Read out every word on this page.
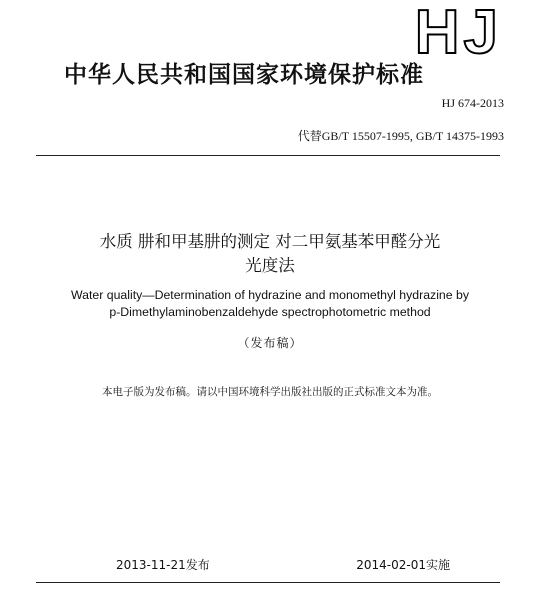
HJ
中华人民共和国国家环境保护标准
HJ 674-2013
代替GB/T 15507-1995, GB/T 14375-1993
水质 肼和甲基肼的测定 对二甲氨基苯甲醛分光
光度法
Water quality—Determination of hydrazine and monomethyl hydrazine by
p-Dimethylaminobenzaldehyde spectrophotometric method
（发布稿）
本电子版为发布稿。请以中国环境科学出版社出版的正式标准文本为准。
2013-11-21发布	2014-02-01实施
